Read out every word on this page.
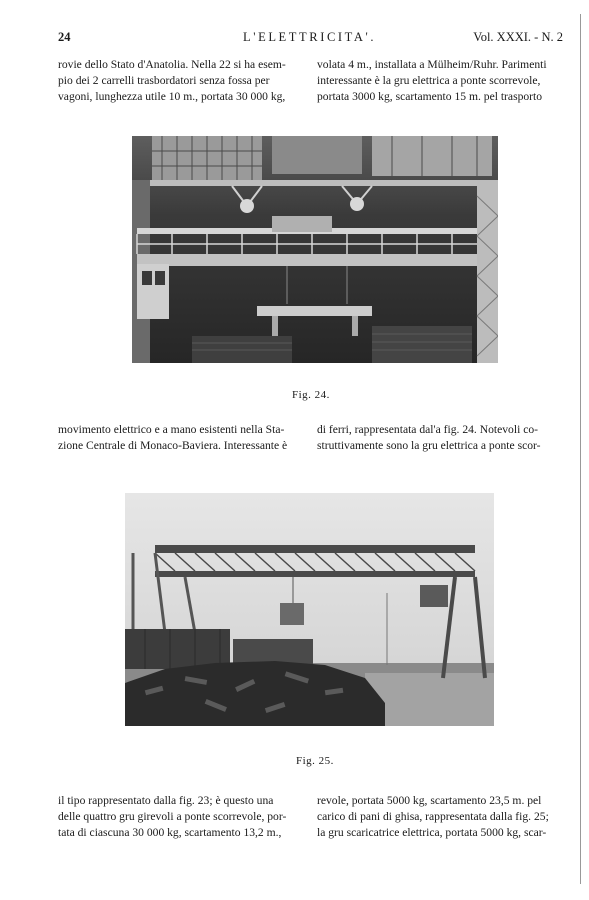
24	L'ELETTRICITA'.	Vol. XXXI. - N. 2
rovie dello Stato d'Anatolia. Nella 22 si ha esem-
pio dei 2 carrelli trasbordatori senza fossa per
vagoni, lunghezza utile 10 m., portata 30 000 kg,
volata 4 m., installata a Mülheim/Ruhr. Parimenti
interessante è la gru elettrica a ponte scorrevole,
portata 3000 kg, scartamento 15 m. pel trasporto
Fig. 24.
movimento elettrico e a mano esistenti nella Sta-
zione Centrale di Monaco-Baviera. Interessante è
di ferri, rappresentata dal'a fig. 24. Notevoli co-
struttivamente sono la gru elettrica a ponte scor-
Fig. 25.
il tipo rappresentato dalla fig. 23; è questo una
delle quattro gru girevoli a ponte scorrevole, por-
tata di ciascuna 30 000 kg, scartamento 13,2 m.,
revole, portata 5000 kg, scartamento 23,5 m. pel
carico di pani di ghisa, rappresentata dalla fig. 25;
la gru scaricatrice elettrica, portata 5000 kg, scar-
